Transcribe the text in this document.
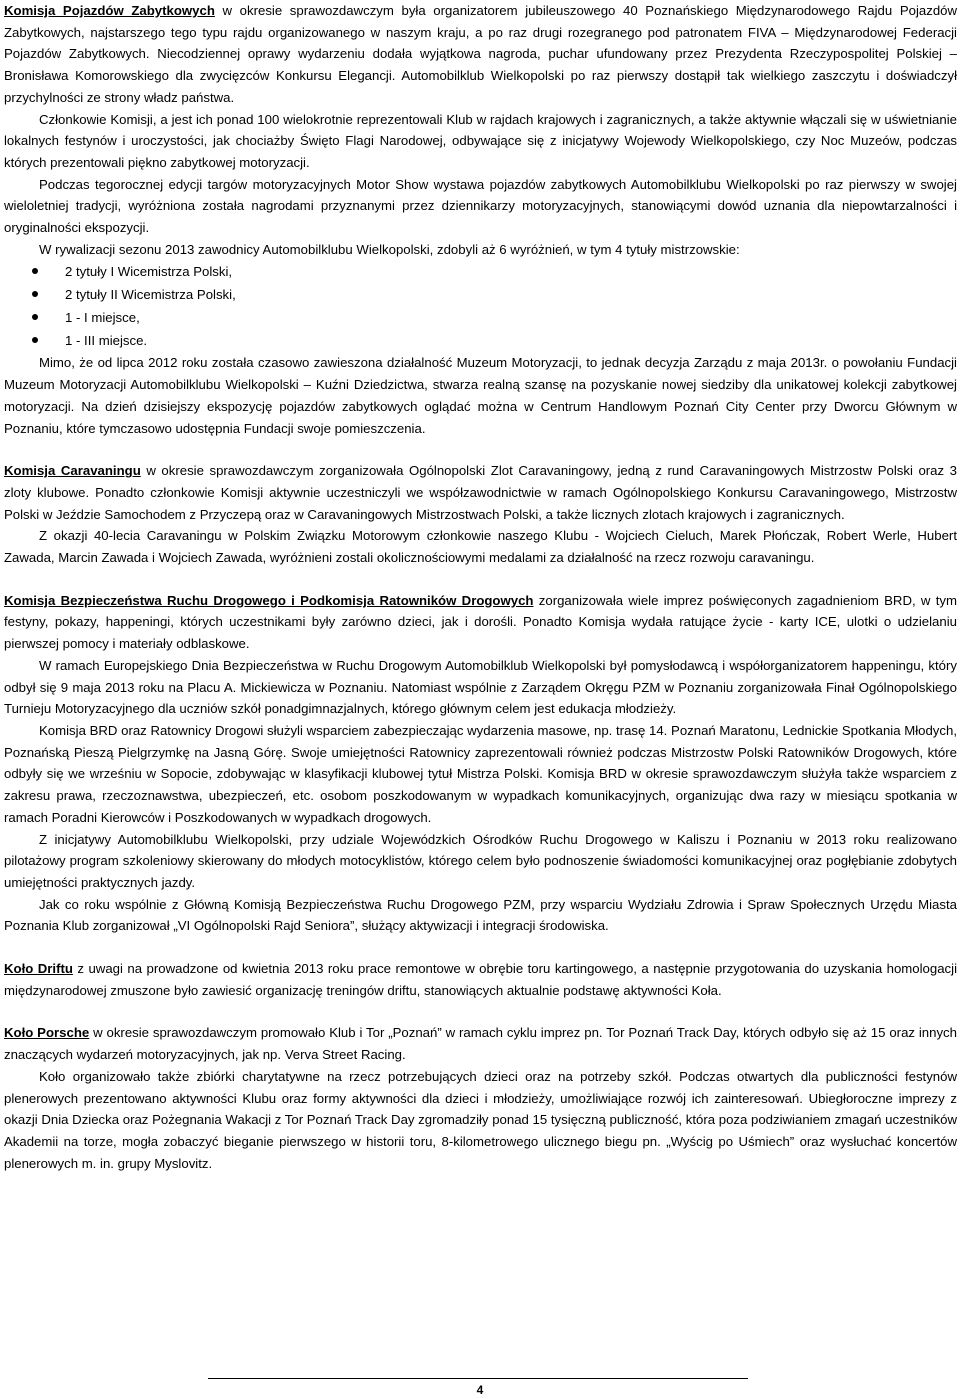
Komisja Pojazdów Zabytkowych w okresie sprawozdawczym była organizatorem jubileuszowego 40 Poznańskiego Międzynarodowego Rajdu Pojazdów Zabytkowych, najstarszego tego typu rajdu organizowanego w naszym kraju, a po raz drugi rozegranego pod patronatem FIVA – Międzynarodowej Federacji Pojazdów Zabytkowych. Niecodziennej oprawy wydarzeniu dodała wyjątkowa nagroda, puchar ufundowany przez Prezydenta Rzeczypospolitej Polskiej – Bronisława Komorowskiego dla zwycięzców Konkursu Elegancji. Automobilklub Wielkopolski po raz pierwszy dostąpił tak wielkiego zaszczytu i doświadczył przychylności ze strony władz państwa.

Członkowie Komisji, a jest ich ponad 100 wielokrotnie reprezentowali Klub w rajdach krajowych i zagranicznych, a także aktywnie włączali się w uświetnianie lokalnych festynów i uroczystości, jak chociażby Święto Flagi Narodowej, odbywające się z inicjatywy Wojewody Wielkopolskiego, czy Noc Muzeów, podczas których prezentowali piękno zabytkowej motoryzacji.

Podczas tegorocznej edycji targów motoryzacyjnych Motor Show wystawa pojazdów zabytkowych Automobilklubu Wielkopolski po raz pierwszy w swojej wieloletniej tradycji, wyróżniona została nagrodami przyznanymi przez dziennikarzy motoryzacyjnych, stanowiącymi dowód uznania dla niepowtarzalności i oryginalności ekspozycji.

W rywalizacji sezonu 2013 zawodnicy Automobilklubu Wielkopolski, zdobyli aż 6 wyróżnień, w tym 4 tytuły mistrzowskie:

2 tytuły I Wicemistrza Polski,
2 tytuły II Wicemistrza Polski,
1 - I miejsce,
1 - III miejsce.

Mimo, że od lipca 2012 roku została czasowo zawieszona działalność Muzeum Motoryzacji, to jednak decyzja Zarządu z maja 2013r. o powołaniu Fundacji Muzeum Motoryzacji Automobilklubu Wielkopolski – Kuźni Dziedzictwa, stwarza realną szansę na pozyskanie nowej siedziby dla unikatowej kolekcji zabytkowej motoryzacji. Na dzień dzisiejszy ekspozycję pojazdów zabytkowych oglądać można w Centrum Handlowym Poznań City Center przy Dworcu Głównym w Poznaniu, które tymczasowo udostępnia Fundacji swoje pomieszczenia.

Komisja Caravaningu w okresie sprawozdawczym zorganizowała Ogólnopolski Zlot Caravaningowy, jedną z rund Caravaningowych Mistrzostw Polski oraz 3 zloty klubowe. Ponadto członkowie Komisji aktywnie uczestniczyli we współzawodnictwie w ramach Ogólnopolskiego Konkursu Caravaningowego, Mistrzostw Polski w Jeździe Samochodem z Przyczepą oraz w Caravaningowych Mistrzostwach Polski, a także licznych zlotach krajowych i zagranicznych.

Z okazji 40-lecia Caravaningu w Polskim Związku Motorowym członkowie naszego Klubu - Wojciech Cieluch, Marek Płończak, Robert Werle, Hubert Zawada, Marcin Zawada i Wojciech Zawada, wyróżnieni zostali okolicznościowymi medalami za działalność na rzecz rozwoju caravaningu.

Komisja Bezpieczeństwa Ruchu Drogowego i Podkomisja Ratowników Drogowych zorganizowała wiele imprez poświęconych zagadnieniom BRD, w tym festyny, pokazy, happeningi, których uczestnikami były zarówno dzieci, jak i dorośli. Ponadto Komisja wydała ratujące życie - karty ICE, ulotki o udzielaniu pierwszej pomocy i materiały odblaskowe.

W ramach Europejskiego Dnia Bezpieczeństwa w Ruchu Drogowym Automobilklub Wielkopolski był pomysłodawcą i współorganizatorem happeningu, który odbył się 9 maja 2013 roku na Placu A. Mickiewicza w Poznaniu. Natomiast wspólnie z Zarządem Okręgu PZM w Poznaniu zorganizowała Finał Ogólnopolskiego Turnieju Motoryzacyjnego dla uczniów szkół ponadgimnazjalnych, którego głównym celem jest edukacja młodzieży.

Komisja BRD oraz Ratownicy Drogowi służyli wsparciem zabezpieczając wydarzenia masowe, np. trasę 14. Poznań Maratonu, Lednickie Spotkania Młodych, Poznańską Pieszą Pielgrzymkę na Jasną Górę. Swoje umiejętności Ratownicy zaprezentowali również podczas Mistrzostw Polski Ratowników Drogowych, które odbyły się we wrześniu w Sopocie, zdobywając w klasyfikacji klubowej tytuł Mistrza Polski. Komisja BRD w okresie sprawozdawczym służyła także wsparciem z zakresu prawa, rzeczoznawstwa, ubezpieczeń, etc. osobom poszkodowanym w wypadkach komunikacyjnych, organizując dwa razy w miesiącu spotkania w ramach Poradni Kierowców i Poszkodowanych w wypadkach drogowych.

Z inicjatywy Automobilklubu Wielkopolski, przy udziale Wojewódzkich Ośrodków Ruchu Drogowego w Kaliszu i Poznaniu w 2013 roku realizowano pilotażowy program szkoleniowy skierowany do młodych motocyklistów, którego celem było podnoszenie świadomości komunikacyjnej oraz pogłębianie zdobytych umiejętności praktycznych jazdy.

Jak co roku wspólnie z Główną Komisją Bezpieczeństwa Ruchu Drogowego PZM, przy wsparciu Wydziału Zdrowia i Spraw Społecznych Urzędu Miasta Poznania Klub zorganizował „VI Ogólnopolski Rajd Seniora”, służący aktywizacji i integracji środowiska.

Koło Driftu z uwagi na prowadzone od kwietnia 2013 roku prace remontowe w obrębie toru kartingowego, a następnie przygotowania do uzyskania homologacji międzynarodowej zmuszone było zawiesić organizację treningów driftu, stanowiących aktualnie podstawę aktywności Koła.

Koło Porsche w okresie sprawozdawczym promowało Klub i Tor „Poznań” w ramach cyklu imprez pn. Tor Poznań Track Day, których odbyło się aż 15 oraz innych znaczących wydarzeń motoryzacyjnych, jak np. Verva Street Racing.

Koło organizowało także zbiórki charytatywne na rzecz potrzebujących dzieci oraz na potrzeby szkół. Podczas otwartych dla publiczności festynów plenerowych prezentowano aktywności Klubu oraz formy aktywności dla dzieci i młodzieży, umożliwiające rozwój ich zainteresowań. Ubiegłoroczne imprezy z okazji Dnia Dziecka oraz Pożegnania Wakacji z Tor Poznań Track Day zgromadziły ponad 15 tysięczną publiczność, która poza podziwianiem zmagań uczestników Akademii na torze, mogła zobaczyć bieganie pierwszego w historii toru, 8-kilometrowego ulicznego biegu pn. „Wyścig po Uśmiech” oraz wysłuchać koncertów plenerowych m. in. grupy Myslovitz.

4
